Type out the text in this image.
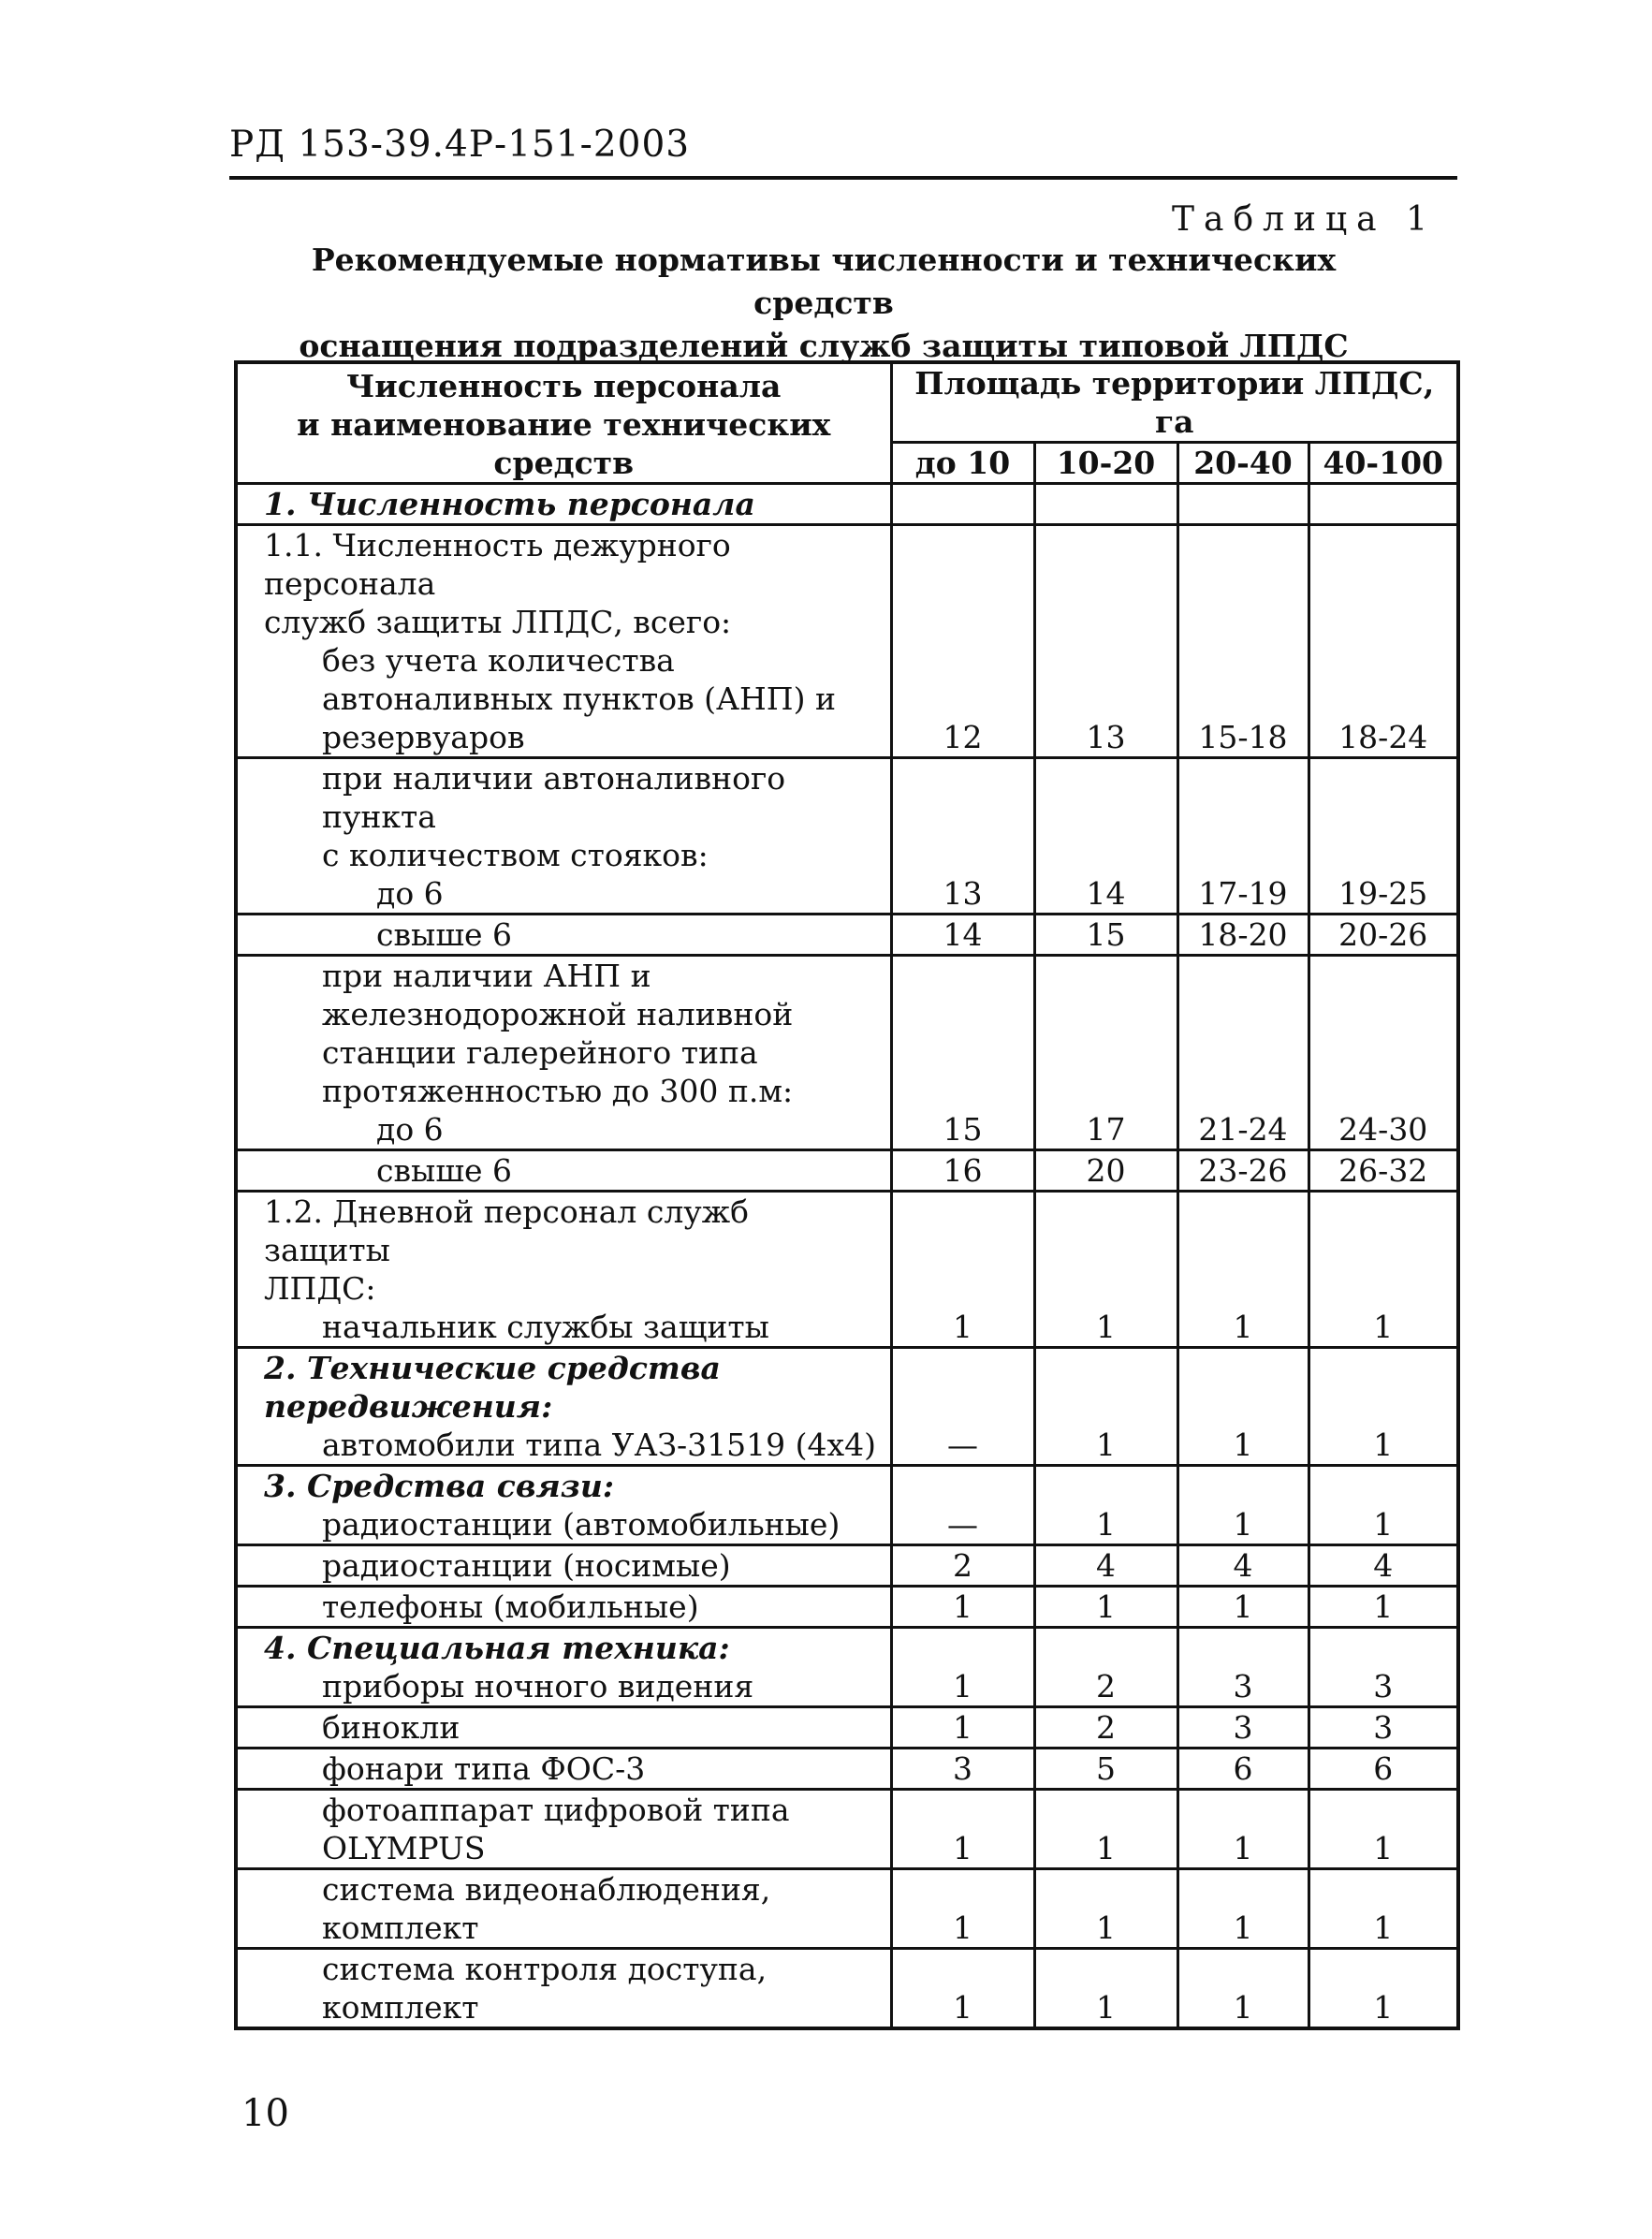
РД 153-39.4Р-151-2003
Таблица 1
Рекомендуемые нормативы численности и технических средств
оснащения подразделений служб защиты типовой ЛПДС
Численность персонала
и наименование технических
средств	Площадь территории ЛПДС, га			
	до 10	10-20	20-40	40-100

1. Численность персонала				

1.1. Численность дежурного персонала
служб защиты ЛПДС, всего:
без учета количества
автоналивных пунктов (АНП) и
резервуаров	12	13	15-18	18-24

при наличии автоналивного пункта
с количеством стояков:
до 6	13	14	17-19	19-25

свыше 6	14	15	18-20	20-26

при наличии АНП и
железнодорожной наливной
станции галерейного типа
протяженностью до 300 п.м:
до 6	15	17	21-24	24-30

свыше 6	16	20	23-26	26-32

1.2. Дневной персонал служб защиты
ЛПДС:
начальник службы защиты	1	1	1	1

2. Технические средства
передвижения:
автомобили типа УАЗ-31519 (4х4)	—	1	1	1

3. Средства связи:
радиостанции (автомобильные)	—	1	1	1

радиостанции (носимые)	2	4	4	4

телефоны (мобильные)	1	1	1	1

4. Специальная техника:
приборы ночного видения	1	2	3	3

бинокли	1	2	3	3

фонари типа ФОС-3	3	5	6	6

фотоаппарат цифровой типа
OLYMPUS	1	1	1	1

система видеонаблюдения,
комплект	1	1	1	1

система контроля доступа,
комплект	1	1	1	1
10
